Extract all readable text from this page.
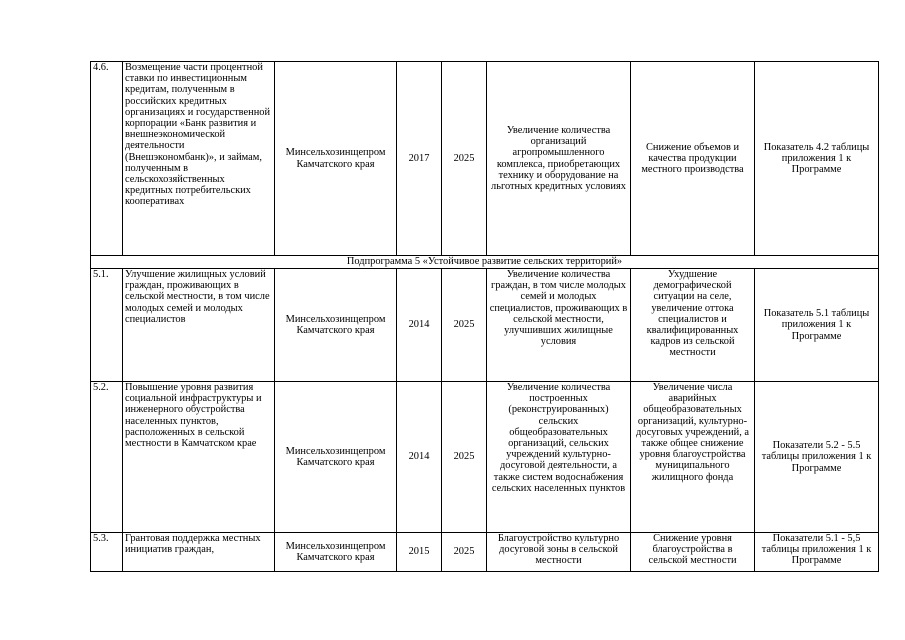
4.6.	Возмещение части процентной ставки по инвестиционным кредитам, полученным в российских кредитных организациях и государственной корпорации «Банк развития и внешнеэкономической деятельности (Внешэкономбанк)», и займам, полученным в сельскохозяйственных кредитных потребительских кооперативах	Минсельхозинщепром Камчатского края	2017	2025	Увеличение количества организаций агропромышленного комплекса, приобретающих технику и оборудование на льготных кредитных условиях	Снижение объемов и качества продукции местного производства	Показатель 4.2 таблицы приложения 1 к Программе
Подпрограмма 5 «Устойчивое развитие сельских территорий»							
5.1.	Улучшение жилищных условий граждан, проживающих в сельской местности, в том числе молодых семей и молодых специалистов	Минсельхозинщепром Камчатского края	2014	2025	Увеличение количества граждан, в том числе молодых семей и молодых специалистов, проживающих в сельской местности, улучшивших жилищные условия	Ухудшение демографической ситуации на селе, увеличение оттока специалистов и квалифицированных кадров из сельской местности	Показатель 5.1 таблицы приложения 1 к Программе
5.2.	Повышение уровня развития социальной инфраструктуры и инженерного обустройства населенных пунктов, расположенных в сельской местности в Камчатском крае	Минсельхозинщепром Камчатского края	2014	2025	Увеличение количества построенных (реконструированных) сельских общеобразовательных организаций, сельских учреждений культурно-досуговой деятельности, а также систем водоснабжения сельских населенных пунктов	Увеличение числа аварийных общеобразовательных организаций, культурно-досуговых учреждений, а также общее снижение уровня благоустройства муниципального жилищного фонда	Показатели 5.2 - 5.5 таблицы приложения 1 к Программе
5.3.	Грантовая поддержка местных инициатив граждан,	Минсельхозинщепром Камчатского края	2015	2025	Благоустройство культурно досуговой зоны в сельской местности	Снижение уровня благоустройства в сельской местности	Показатели 5.1 - 5,5 таблицы приложения 1 к Программе
